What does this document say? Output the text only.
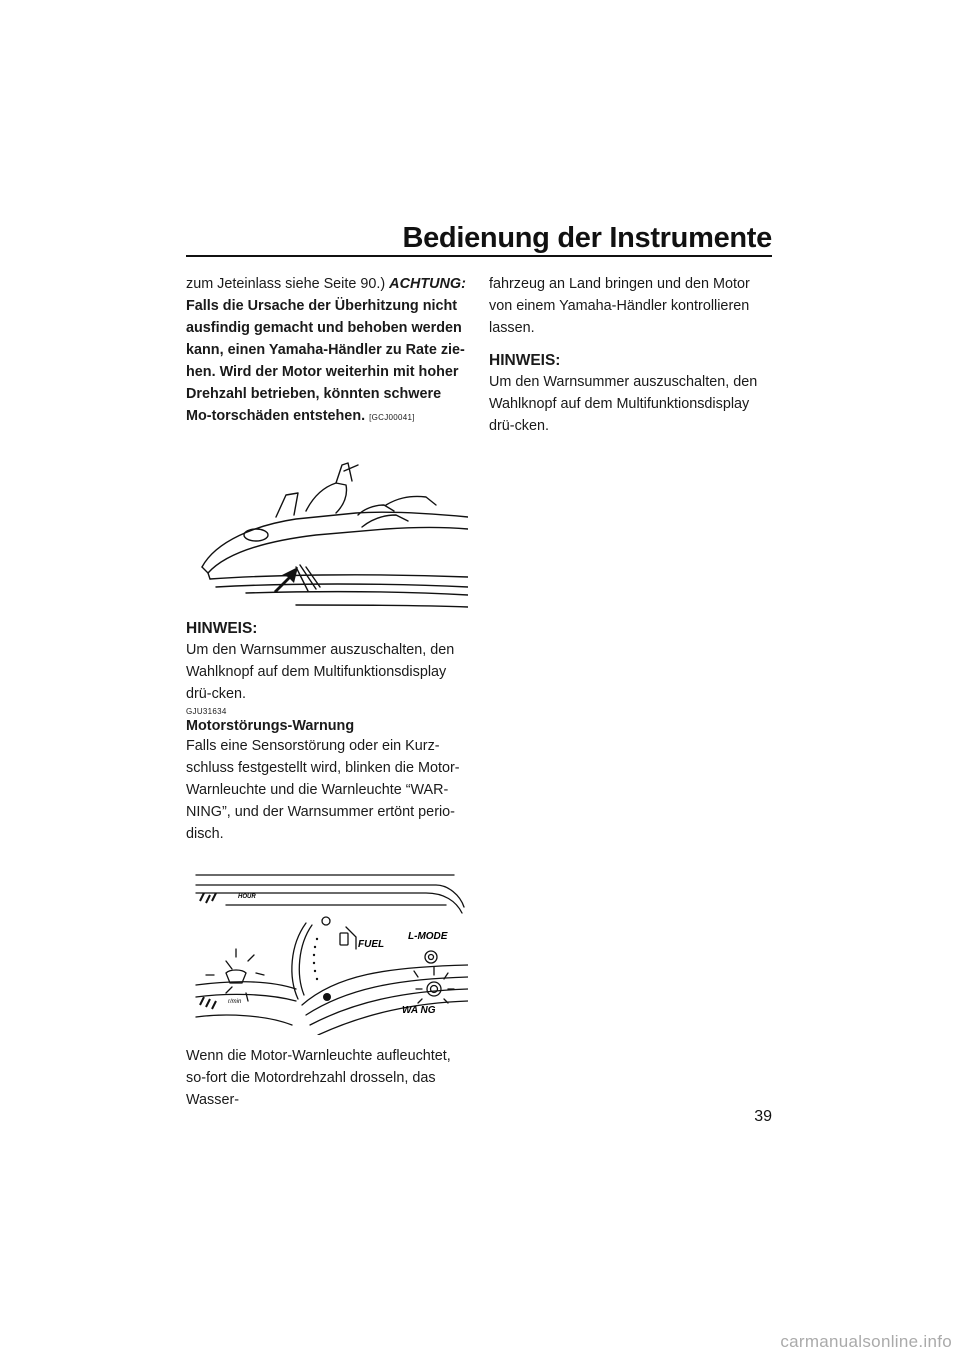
Bedienung der Instrumente

zum Jeteinlass siehe Seite 90.) ACHTUNG: Falls die Ursache der Überhitzung nicht ausfindig gemacht und behoben werden kann, einen Yamaha-Händler zu Rate zie-hen. Wird der Motor weiterhin mit hoher Drehzahl betrieben, könnten schwere Mo-torschäden entstehen. [GCJ00041]

HINWEIS:

Um den Warnsummer auszuschalten, den Wahlknopf auf dem Multifunktionsdisplay drü-cken.

GJU31634

Motorstörungs-Warnung

Falls eine Sensorstörung oder ein Kurz-schluss festgestellt wird, blinken die Motor-Warnleuchte und die Warnleuchte “WAR-NING”, und der Warnsummer ertönt perio-disch.

HOUR
FUEL
L-MODE
WA NG
r/min

Wenn die Motor-Warnleuchte aufleuchtet, so-fort die Motordrehzahl drosseln, das Wasser-

fahrzeug an Land bringen und den Motor von einem Yamaha-Händler kontrollieren lassen.

HINWEIS:

Um den Warnsummer auszuschalten, den Wahlknopf auf dem Multifunktionsdisplay drü-cken.

39
carmanualsonline.info
